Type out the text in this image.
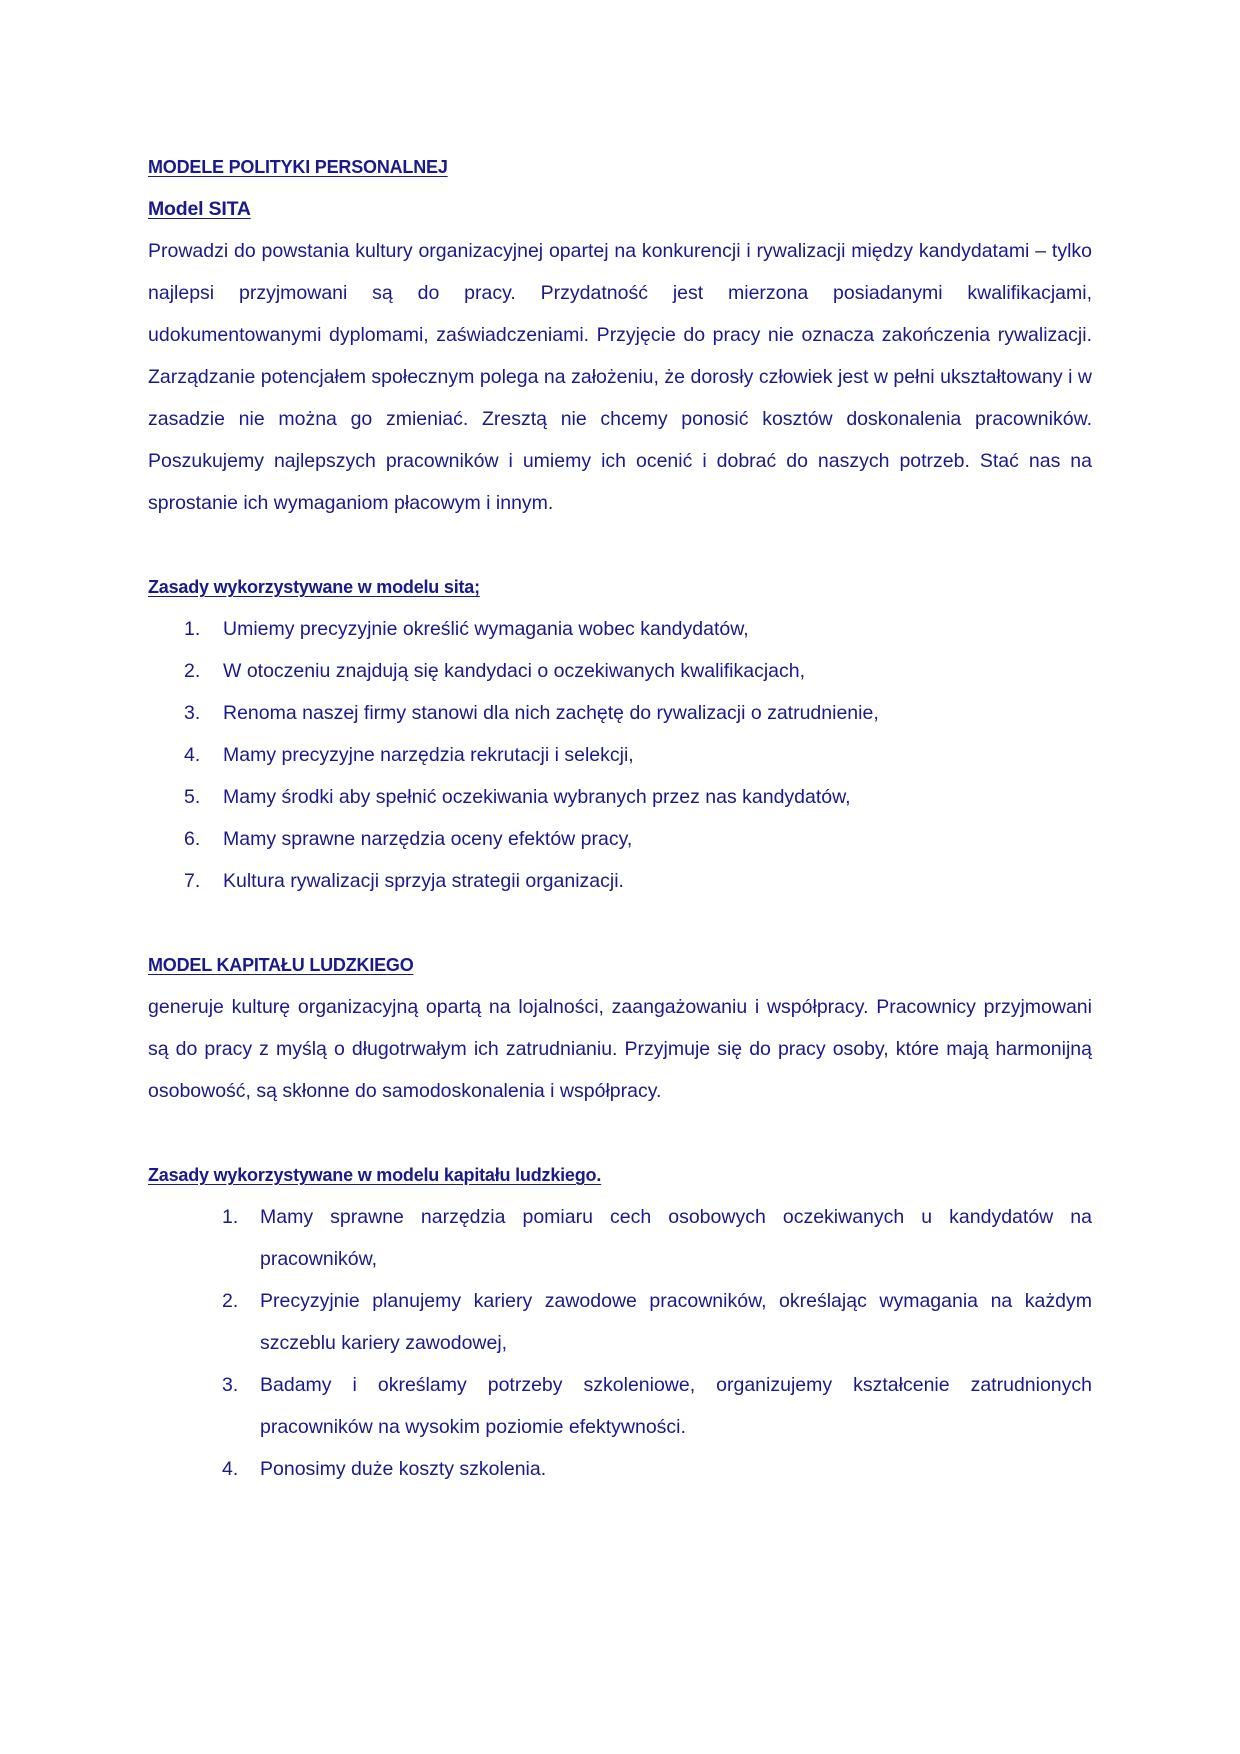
MODELE POLITYKI PERSONALNEJ
Model SITA

Prowadzi do powstania kultury organizacyjnej opartej na konkurencji i rywalizacji między kandydatami – tylko najlepsi przyjmowani są do pracy. Przydatność jest mierzona posiadanymi kwalifikacjami, udokumentowanymi dyplomami, zaświadczeniami. Przyjęcie do pracy nie oznacza zakończenia rywalizacji. Zarządzanie potencjałem społecznym polega na założeniu, że dorosły człowiek jest w pełni ukształtowany i w zasadzie nie można go zmieniać. Zresztą nie chcemy ponosić kosztów doskonalenia pracowników. Poszukujemy najlepszych pracowników i umiemy ich ocenić i dobrać do naszych potrzeb. Stać nas na sprostanie ich wymaganiom płacowym i innym.

Zasady wykorzystywane w modelu sita;
1. Umiemy precyzyjnie określić wymagania wobec kandydatów,
2. W otoczeniu znajdują się kandydaci o oczekiwanych kwalifikacjach,
3. Renoma naszej firmy stanowi dla nich zachętę do rywalizacji o zatrudnienie,
4. Mamy precyzyjne narzędzia rekrutacji i selekcji,
5. Mamy środki aby spełnić oczekiwania wybranych przez nas kandydatów,
6. Mamy sprawne narzędzia oceny efektów pracy,
7. Kultura rywalizacji sprzyja strategii organizacji.
MODEL KAPITAŁU LUDZKIEGO

generuje kulturę organizacyjną opartą na lojalności, zaangażowaniu i współpracy. Pracownicy przyjmowani są do pracy z myślą o długotrwałym ich zatrudnianiu. Przyjmuje się do pracy osoby, które mają harmonijną osobowość, są skłonne do samodoskonalenia i współpracy.

Zasady wykorzystywane w modelu kapitału ludzkiego.
1. Mamy sprawne narzędzia pomiaru cech osobowych oczekiwanych u kandydatów na pracowników,
2. Precyzyjnie planujemy kariery zawodowe pracowników, określając wymagania na każdym szczeblu kariery zawodowej,
3. Badamy i określamy potrzeby szkoleniowe, organizujemy kształcenie zatrudnionych pracowników na wysokim poziomie efektywności.
4. Ponosimy duże koszty szkolenia.
